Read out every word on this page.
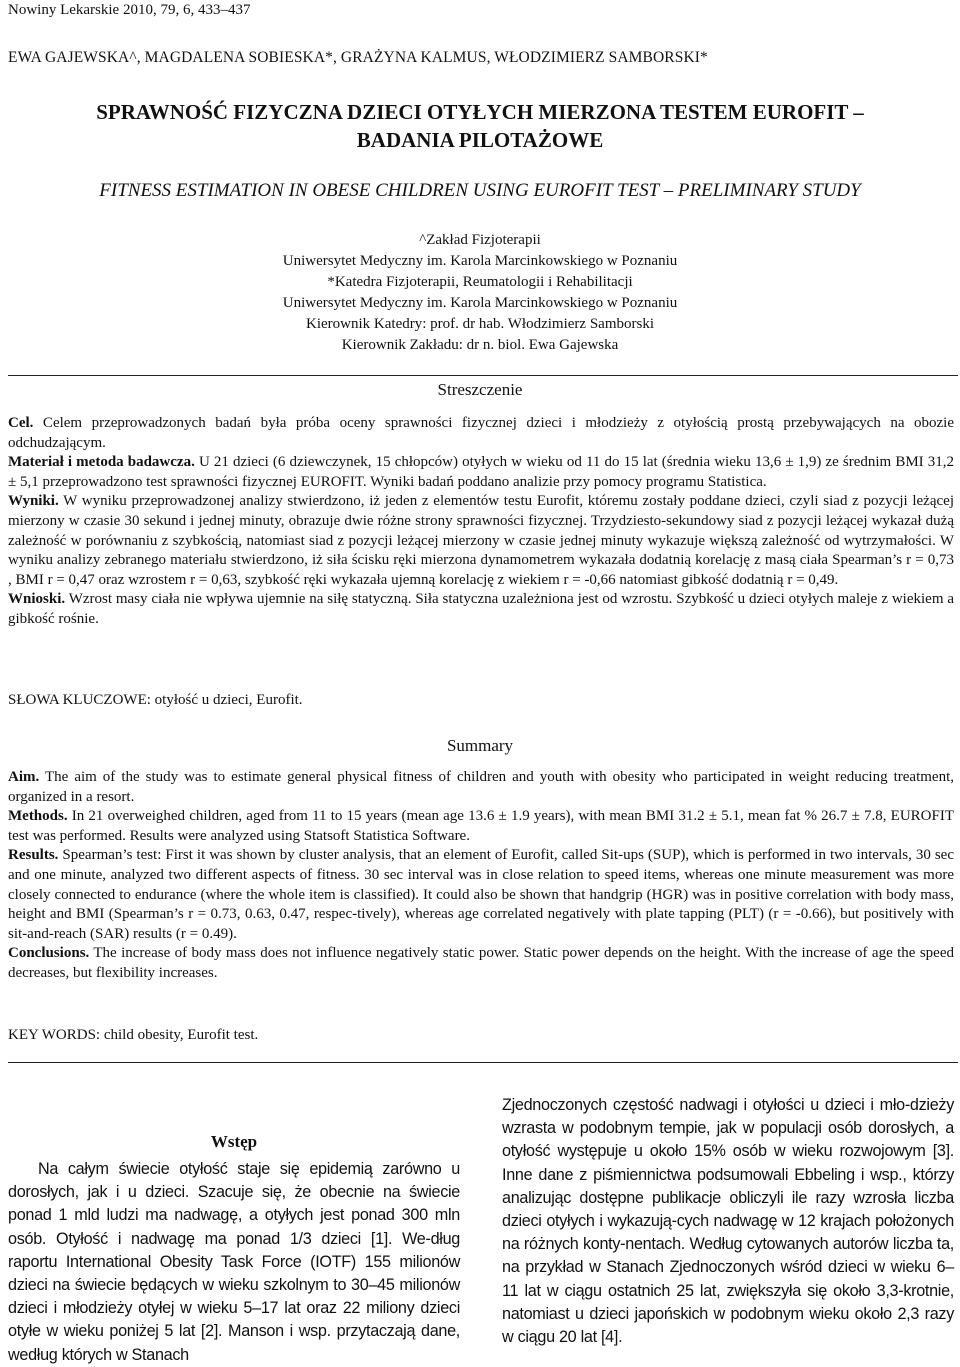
Nowiny Lekarskie 2010, 79, 6, 433–437
EWA GAJEWSKA^, MAGDALENA SOBIESKA*, GRAŻYNA KALMUS, WŁODZIMIERZ SAMBORSKI*
SPRAWNOŚĆ FIZYCZNA DZIECI OTYŁYCH MIERZONA TESTEM EUROFIT –
BADANIA PILOTAŻOWE
FITNESS ESTIMATION IN OBESE CHILDREN USING EUROFIT TEST – PRELIMINARY STUDY
^Zakład Fizjoterapii
Uniwersytet Medyczny im. Karola Marcinkowskiego w Poznaniu
*Katedra Fizjoterapii, Reumatologii i Rehabilitacji
Uniwersytet Medyczny im. Karola Marcinkowskiego w Poznaniu
Kierownik Katedry: prof. dr hab. Włodzimierz Samborski
Kierownik Zakładu: dr n. biol. Ewa Gajewska
Streszczenie

Cel. Celem przeprowadzonych badań była próba oceny sprawności fizycznej dzieci i młodzieży z otyłością prostą przebywających na obozie odchudzającym.

Materiał i metoda badawcza. U 21 dzieci (6 dziewczynek, 15 chłopców) otyłych w wieku od 11 do 15 lat (średnia wieku 13,6 ± 1,9) ze średnim BMI 31,2 ± 5,1 przeprowadzono test sprawności fizycznej EUROFIT. Wyniki badań poddano analizie przy pomocy programu Statistica.

Wyniki. W wyniku przeprowadzonej analizy stwierdzono, iż jeden z elementów testu Eurofit, któremu zostały poddane dzieci, czyli siad z pozycji leżącej mierzony w czasie 30 sekund i jednej minuty, obrazuje dwie różne strony sprawności fizycznej. Trzydziesto-sekundowy siad z pozycji leżącej wykazał dużą zależność w porównaniu z szybkością, natomiast siad z pozycji leżącej mierzony w czasie jednej minuty wykazuje większą zależność od wytrzymałości. W wyniku analizy zebranego materiału stwierdzono, iż siła ścisku ręki mierzona dynamometrem wykazała dodatnią korelację z masą ciała Spearman’s r = 0,73 , BMI r = 0,47 oraz wzrostem r = 0,63, szybkość ręki wykazała ujemną korelację z wiekiem r = -0,66 natomiast gibkość dodatnią r = 0,49.

Wnioski. Wzrost masy ciała nie wpływa ujemnie na siłę statyczną. Siła statyczna uzależniona jest od wzrostu. Szybkość u dzieci otyłych maleje z wiekiem a gibkość rośnie.

SŁOWA KLUCZOWE: otyłość u dzieci, Eurofit.
Summary

Aim. The aim of the study was to estimate general physical fitness of children and youth with obesity who participated in weight reducing treatment, organized in a resort.

Methods. In 21 overweighed children, aged from 11 to 15 years (mean age 13.6 ± 1.9 years), with mean BMI 31.2 ± 5.1, mean fat % 26.7 ± 7.8, EUROFIT test was performed. Results were analyzed using Statsoft Statistica Software.

Results. Spearman’s test: First it was shown by cluster analysis, that an element of Eurofit, called Sit-ups (SUP), which is performed in two intervals, 30 sec and one minute, analyzed two different aspects of fitness. 30 sec interval was in close relation to speed items, whereas one minute measurement was more closely connected to endurance (where the whole item is classified). It could also be shown that handgrip (HGR) was in positive correlation with body mass, height and BMI (Spearman’s r = 0.73, 0.63, 0.47, respec-tively), whereas age correlated negatively with plate tapping (PLT) (r = -0.66), but positively with sit-and-reach (SAR) results (r = 0.49).

Conclusions. The increase of body mass does not influence negatively static power. Static power depends on the height. With the increase of age the speed decreases, but flexibility increases.

KEY WORDS: child obesity, Eurofit test.
Wstęp

Na całym świecie otyłość staje się epidemią zarówno u dorosłych, jak i u dzieci. Szacuje się, że obecnie na świecie ponad 1 mld ludzi ma nadwagę, a otyłych jest ponad 300 mln osób. Otyłość i nadwagę ma ponad 1/3 dzieci [1]. We-dług raportu International Obesity Task Force (IOTF) 155 milionów dzieci na świecie będących w wieku szkolnym to 30–45 milionów dzieci i młodzieży otyłej w wieku 5–17 lat oraz 22 miliony dzieci otyłe w wieku poniżej 5 lat [2]. Manson i wsp. przytaczają dane, według których w Stanach

Zjednoczonych częstość nadwagi i otyłości u dzieci i mło-dzieży wzrasta w podobnym tempie, jak w populacji osób dorosłych, a otyłość występuje u około 15% osób w wieku rozwojowym [3]. Inne dane z piśmiennictwa podsumowali Ebbeling i wsp., którzy analizując dostępne publikacje obliczyli ile razy wzrosła liczba dzieci otyłych i wykazują-cych nadwagę w 12 krajach położonych na różnych konty-nentach. Według cytowanych autorów liczba ta, na przykład w Stanach Zjednoczonych wśród dzieci w wieku 6–11 lat w ciągu ostatnich 25 lat, zwiększyła się około 3,3-krotnie, natomiast u dzieci japońskich w podobnym wieku około 2,3 razy w ciągu 20 lat [4].
